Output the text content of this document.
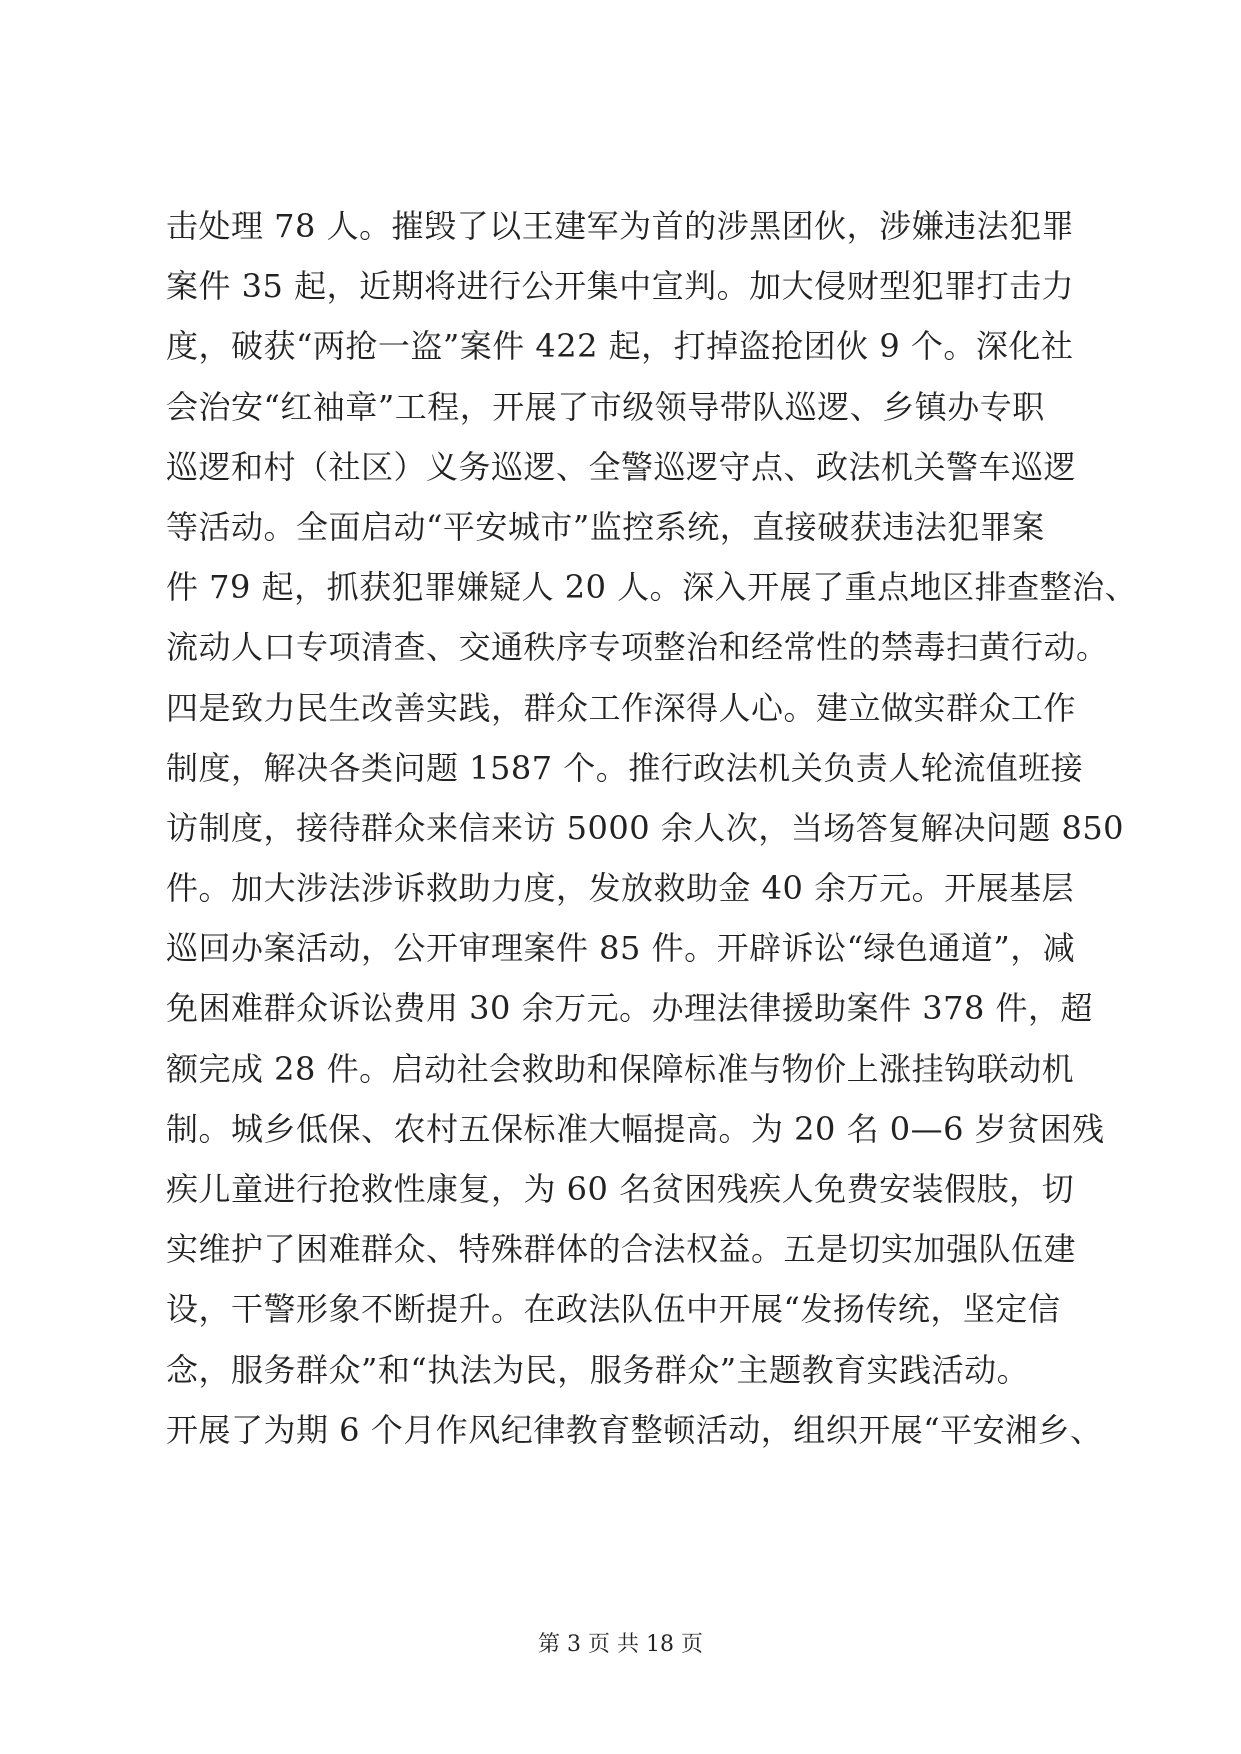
击处理 78 人。摧毁了以王建军为首的涉黑团伙，涉嫌违法犯罪
案件 35 起，近期将进行公开集中宣判。加大侵财型犯罪打击力
度，破获“两抢一盗”案件 422 起，打掉盗抢团伙 9 个。深化社
会治安“红袖章”工程，开展了市级领导带队巡逻、乡镇办专职
巡逻和村（社区）义务巡逻、全警巡逻守点、政法机关警车巡逻
等活动。全面启动“平安城市”监控系统，直接破获违法犯罪案
件 79 起，抓获犯罪嫌疑人 20 人。深入开展了重点地区排查整治、
流动人口专项清查、交通秩序专项整治和经常性的禁毒扫黄行动。
四是致力民生改善实践，群众工作深得人心。建立做实群众工作
制度，解决各类问题 1587 个。推行政法机关负责人轮流值班接
访制度，接待群众来信来访 5000 余人次，当场答复解决问题 850
件。加大涉法涉诉救助力度，发放救助金 40 余万元。开展基层
巡回办案活动，公开审理案件 85 件。开辟诉讼“绿色通道”，减
免困难群众诉讼费用 30 余万元。办理法律援助案件 378 件，超
额完成 28 件。启动社会救助和保障标准与物价上涨挂钩联动机
制。城乡低保、农村五保标准大幅提高。为 20 名 0—6 岁贫困残
疾儿童进行抢救性康复，为 60 名贫困残疾人免费安装假肢，切
实维护了困难群众、特殊群体的合法权益。五是切实加强队伍建
设，干警形象不断提升。在政法队伍中开展“发扬传统，坚定信
念，服务群众”和“执法为民，服务群众”主题教育实践活动。
开展了为期 6 个月作风纪律教育整顿活动，组织开展“平安湘乡、
第 3 页 共 18 页
